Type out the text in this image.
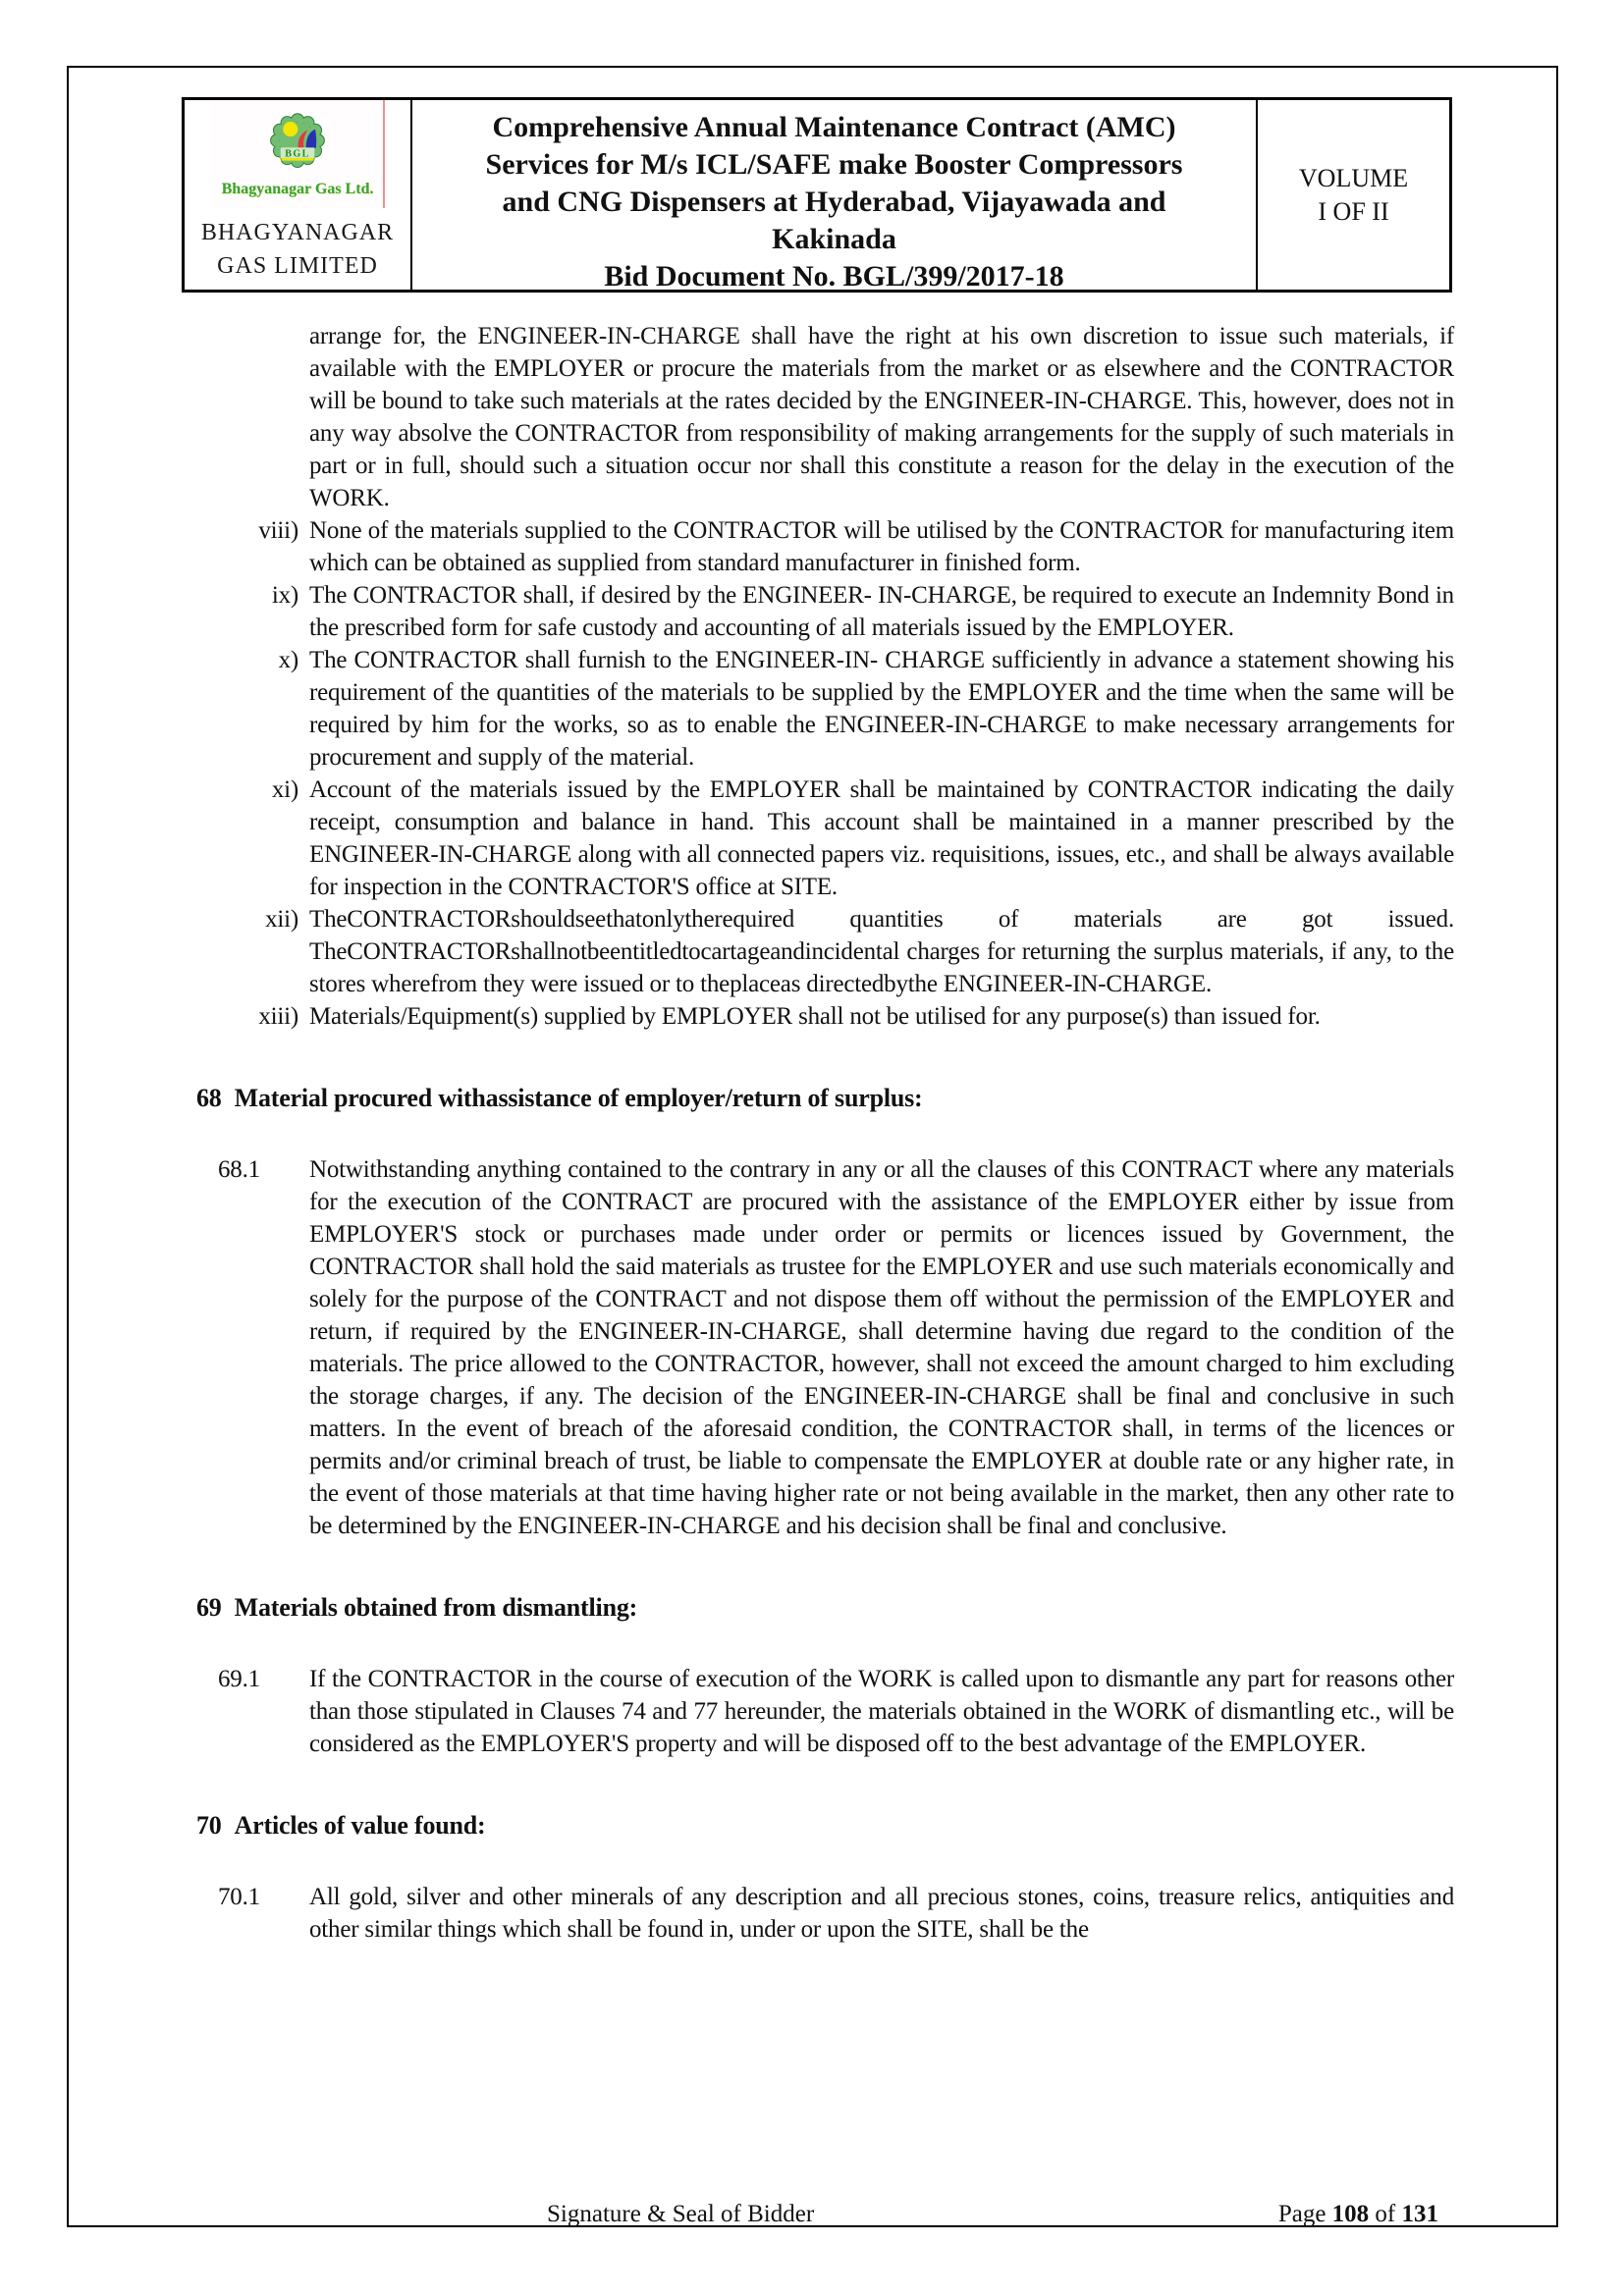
BGL
Bhagyanagar Gas Ltd.
BHAGYANAGAR
GAS LIMITED
Comprehensive Annual Maintenance Contract (AMC)
Services for M/s ICL/SAFE make Booster Compressors
and CNG Dispensers at Hyderabad, Vijayawada and
Kakinada
Bid Document No. BGL/399/2017-18
VOLUME
I OF II
arrange for, the ENGINEER-IN-CHARGE shall have the right at his own discretion to issue such materials, if available with the EMPLOYER or procure the materials from the market or as elsewhere and the CONTRACTOR will be bound to take such materials at the rates decided by the ENGINEER-IN-CHARGE. This, however, does not in any way absolve the CONTRACTOR from responsibility of making arrangements for the supply of such materials in part or in full, should such a situation occur nor shall this constitute a reason for the delay in the execution of the WORK.
viii) None of the materials supplied to the CONTRACTOR will be utilised by the CONTRACTOR for manufacturing item which can be obtained as supplied from standard manufacturer in finished form.
ix) The CONTRACTOR shall, if desired by the ENGINEER- IN-CHARGE, be required to execute an Indemnity Bond in the prescribed form for safe custody and accounting of all materials issued by the EMPLOYER.
x) The CONTRACTOR shall furnish to the ENGINEER-IN- CHARGE sufficiently in advance a statement showing his requirement of the quantities of the materials to be supplied by the EMPLOYER and the time when the same will be required by him for the works, so as to enable the ENGINEER-IN-CHARGE to make necessary arrangements for procurement and supply of the material.
xi) Account of the materials issued by the EMPLOYER shall be maintained by CONTRACTOR indicating the daily receipt, consumption and balance in hand. This account shall be maintained in a manner prescribed by the ENGINEER-IN-CHARGE along with all connected papers viz. requisitions, issues, etc., and shall be always available for inspection in the CONTRACTOR'S office at SITE.
xii) TheCONTRACTORshouldseethatonlytherequired quantities of materials are got issued. TheCONTRACTORshallnotbeentitledtocartageandincidental charges for returning the surplus materials, if any, to the stores wherefrom they were issued or to theplaceas directedbythe ENGINEER-IN-CHARGE.
xiii) Materials/Equipment(s) supplied by EMPLOYER shall not be utilised for any purpose(s) than issued for.
68 Material procured withassistance of employer/return of surplus:
68.1 Notwithstanding anything contained to the contrary in any or all the clauses of this CONTRACT where any materials for the execution of the CONTRACT are procured with the assistance of the EMPLOYER either by issue from EMPLOYER'S stock or purchases made under order or permits or licences issued by Government, the CONTRACTOR shall hold the said materials as trustee for the EMPLOYER and use such materials economically and solely for the purpose of the CONTRACT and not dispose them off without the permission of the EMPLOYER and return, if required by the ENGINEER-IN-CHARGE, shall determine having due regard to the condition of the materials. The price allowed to the CONTRACTOR, however, shall not exceed the amount charged to him excluding the storage charges, if any. The decision of the ENGINEER-IN-CHARGE shall be final and conclusive in such matters. In the event of breach of the aforesaid condition, the CONTRACTOR shall, in terms of the licences or permits and/or criminal breach of trust, be liable to compensate the EMPLOYER at double rate or any higher rate, in the event of those materials at that time having higher rate or not being available in the market, then any other rate to be determined by the ENGINEER-IN-CHARGE and his decision shall be final and conclusive.
69 Materials obtained from dismantling:
69.1 If the CONTRACTOR in the course of execution of the WORK is called upon to dismantle any part for reasons other than those stipulated in Clauses 74 and 77 hereunder, the materials obtained in the WORK of dismantling etc., will be considered as the EMPLOYER'S property and will be disposed off to the best advantage of the EMPLOYER.
70 Articles of value found:
70.1 All gold, silver and other minerals of any description and all precious stones, coins, treasure relics, antiquities and other similar things which shall be found in, under or upon the SITE, shall be the
Signature & Seal of Bidder	Page 108 of 131
